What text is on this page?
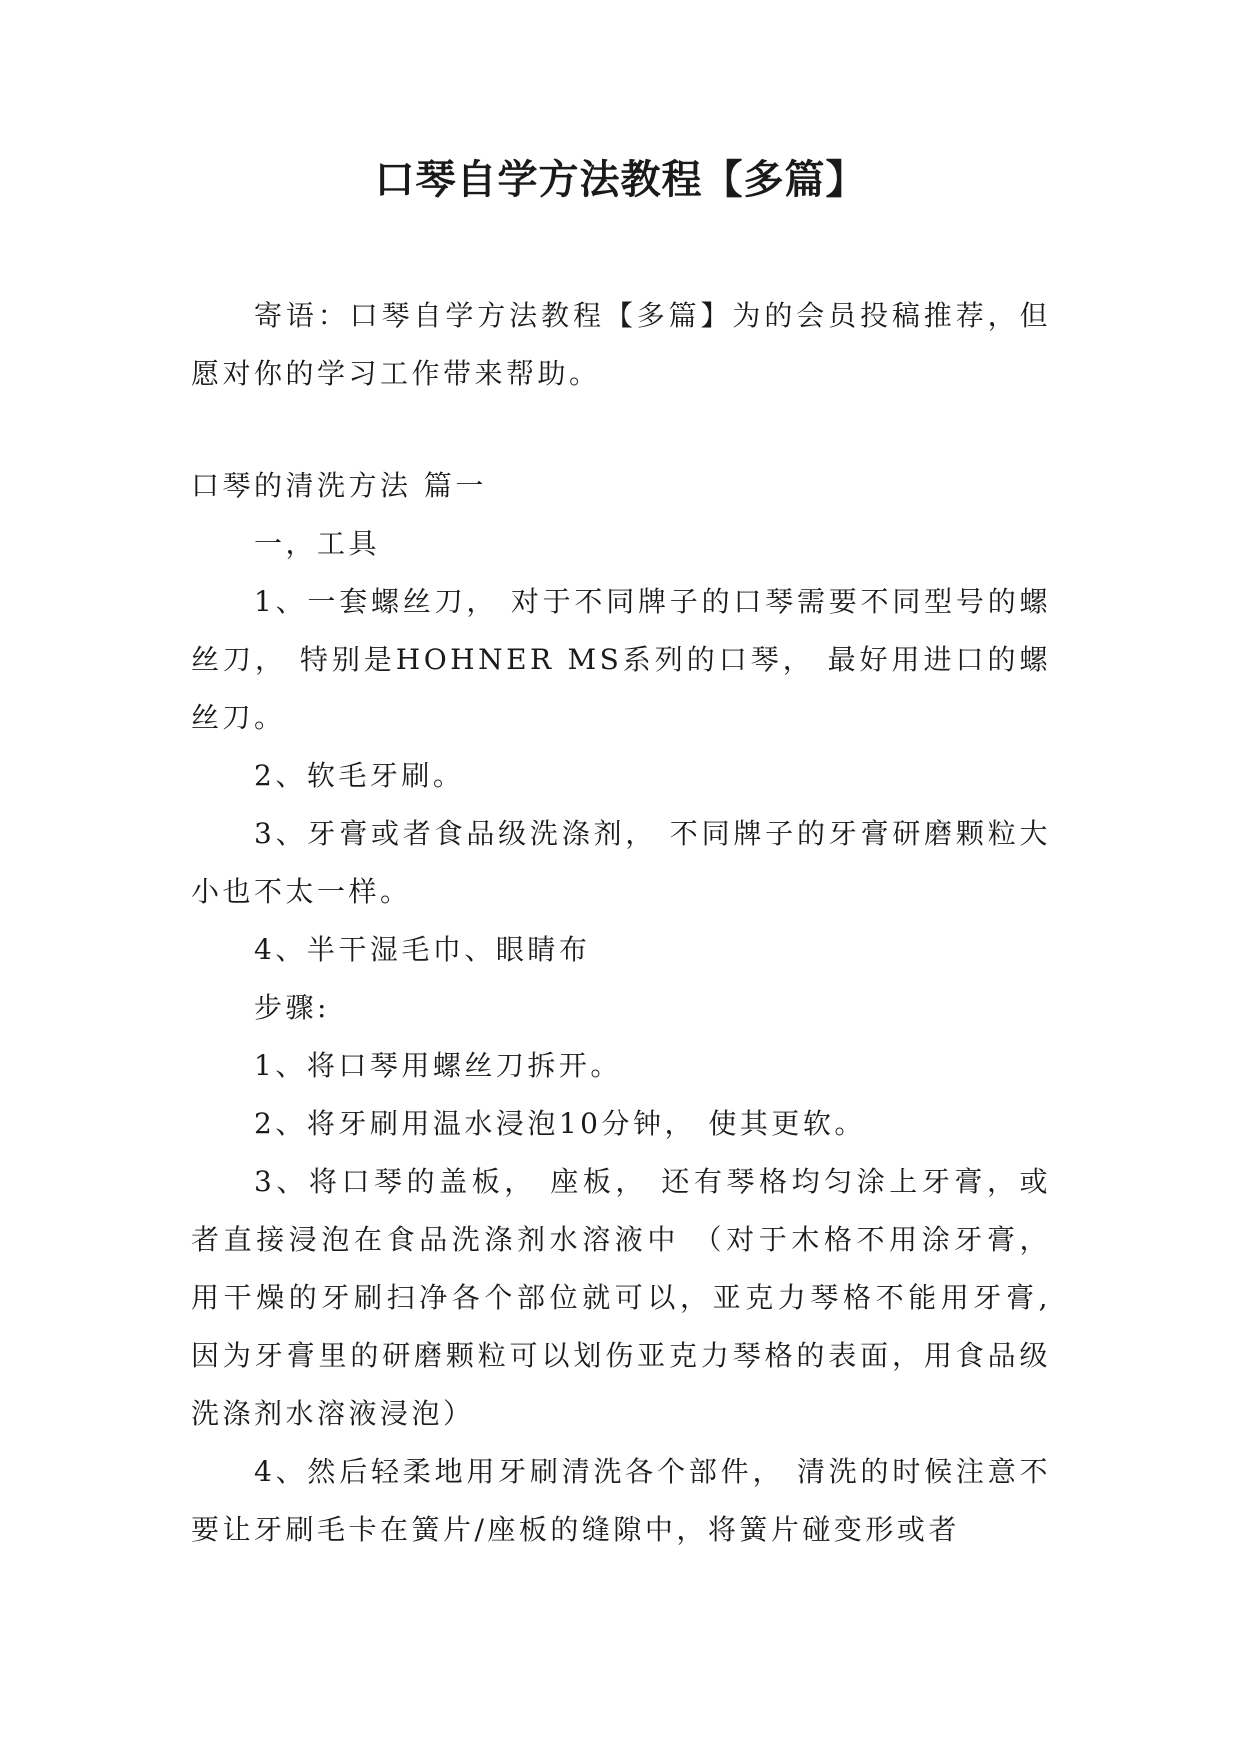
口琴自学方法教程【多篇】

寄语：口琴自学方法教程【多篇】为的会员投稿推荐，但愿对你的学习工作带来帮助。

口琴的清洗方法 篇一

一，工具

1、一套螺丝刀， 对于不同牌子的口琴需要不同型号的螺丝刀， 特别是HOHNER MS系列的口琴， 最好用进口的螺丝刀。

2、软毛牙刷。

3、牙膏或者食品级洗涤剂， 不同牌子的牙膏研磨颗粒大小也不太一样。

4、半干湿毛巾、眼睛布

步骤:

1、将口琴用螺丝刀拆开。

2、将牙刷用温水浸泡10分钟， 使其更软。

3、将口琴的盖板， 座板， 还有琴格均匀涂上牙膏，或者直接浸泡在食品洗涤剂水溶液中 （对于木格不用涂牙膏， 用干燥的牙刷扫净各个部位就可以，亚克力琴格不能用牙膏,因为牙膏里的研磨颗粒可以划伤亚克力琴格的表面，用食品级洗涤剂水溶液浸泡）

4、然后轻柔地用牙刷清洗各个部件， 清洗的时候注意不要让牙刷毛卡在簧片/座板的缝隙中，将簧片碰变形或者
